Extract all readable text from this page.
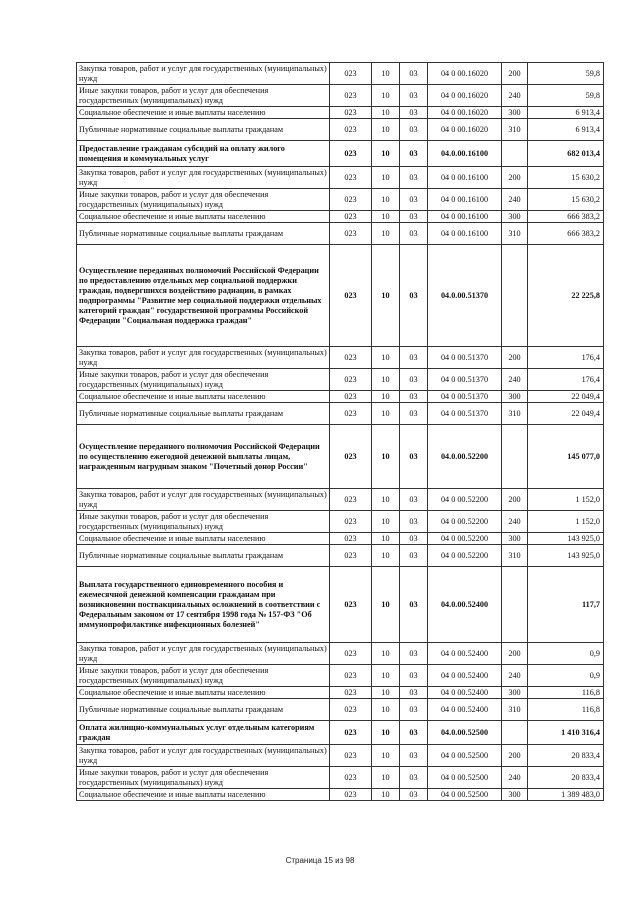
Закупка товаров, работ и услуг для государственных (муниципальных) нужд	023	10	03	04 0 00.16020	200	59,8
Иные закупки товаров, работ и услуг для обеспечения государственных (муниципальных) нужд	023	10	03	04 0 00.16020	240	59,8
Социальное обеспечение и иные выплаты населению	023	10	03	04 0 00.16020	300	6 913,4
Публичные нормативные социальные выплаты гражданам	023	10	03	04 0 00.16020	310	6 913,4
Предоставление гражданам субсидий на оплату жилого помещения и коммунальных услуг	023	10	03	04.0.00.16100		682 013,4
Закупка товаров, работ и услуг для государственных (муниципальных) нужд	023	10	03	04 0 00.16100	200	15 630,2
Иные закупки товаров, работ и услуг для обеспечения государственных (муниципальных) нужд	023	10	03	04 0 00.16100	240	15 630,2
Социальное обеспечение и иные выплаты населению	023	10	03	04 0 00.16100	300	666 383,2
Публичные нормативные социальные выплаты гражданам	023	10	03	04 0 00.16100	310	666 383,2
Осуществление переданных полномочий Российской Федерации по предоставлению отдельных мер социальной поддержки граждан, подвергшихся воздействию радиации, в рамках подпрограммы "Развитие мер социальной поддержки отдельных категорий граждан" государственной программы Российской Федерации "Социальная поддержка граждан"	023	10	03	04.0.00.51370		22 225,8
Закупка товаров, работ и услуг для государственных (муниципальных) нужд	023	10	03	04 0 00.51370	200	176,4
Иные закупки товаров, работ и услуг для обеспечения государственных (муниципальных) нужд	023	10	03	04 0 00.51370	240	176,4
Социальное обеспечение и иные выплаты населению	023	10	03	04 0 00.51370	300	22 049,4
Публичные нормативные социальные выплаты гражданам	023	10	03	04 0 00.51370	310	22 049,4
Осуществление переданного полномочия Российской Федерации по осуществлению ежегодной денежной выплаты лицам, награжденным нагрудным знаком "Почетный донор России"	023	10	03	04.0.00.52200		145 077,0
Закупка товаров, работ и услуг для государственных (муниципальных) нужд	023	10	03	04 0 00.52200	200	1 152,0
Иные закупки товаров, работ и услуг для обеспечения государственных (муниципальных) нужд	023	10	03	04 0 00.52200	240	1 152,0
Социальное обеспечение и иные выплаты населению	023	10	03	04 0 00.52200	300	143 925,0
Публичные нормативные социальные выплаты гражданам	023	10	03	04 0 00.52200	310	143 925,0
Выплата государственного единовременного пособия и ежемесячной денежной компенсации гражданам при возникновении поствакцинальных осложнений в соответствии с Федеральным законом от 17 сентября 1998 года № 157-ФЗ "Об иммунопрофилактике инфекционных болезней"	023	10	03	04.0.00.52400		117,7
Закупка товаров, работ и услуг для государственных (муниципальных) нужд	023	10	03	04 0 00.52400	200	0,9
Иные закупки товаров, работ и услуг для обеспечения государственных (муниципальных) нужд	023	10	03	04 0 00.52400	240	0,9
Социальное обеспечение и иные выплаты населению	023	10	03	04 0 00.52400	300	116,8
Публичные нормативные социальные выплаты гражданам	023	10	03	04 0 00.52400	310	116,8
Оплата жилищно-коммунальных услуг отдельным категориям граждан	023	10	03	04.0.00.52500		1 410 316,4
Закупка товаров, работ и услуг для государственных (муниципальных) нужд	023	10	03	04 0 00.52500	200	20 833,4
Иные закупки товаров, работ и услуг для обеспечения государственных (муниципальных) нужд	023	10	03	04 0 00.52500	240	20 833,4
Социальное обеспечение и иные выплаты населению	023	10	03	04 0 00.52500	300	1 389 483,0
Страница 15 из 98
